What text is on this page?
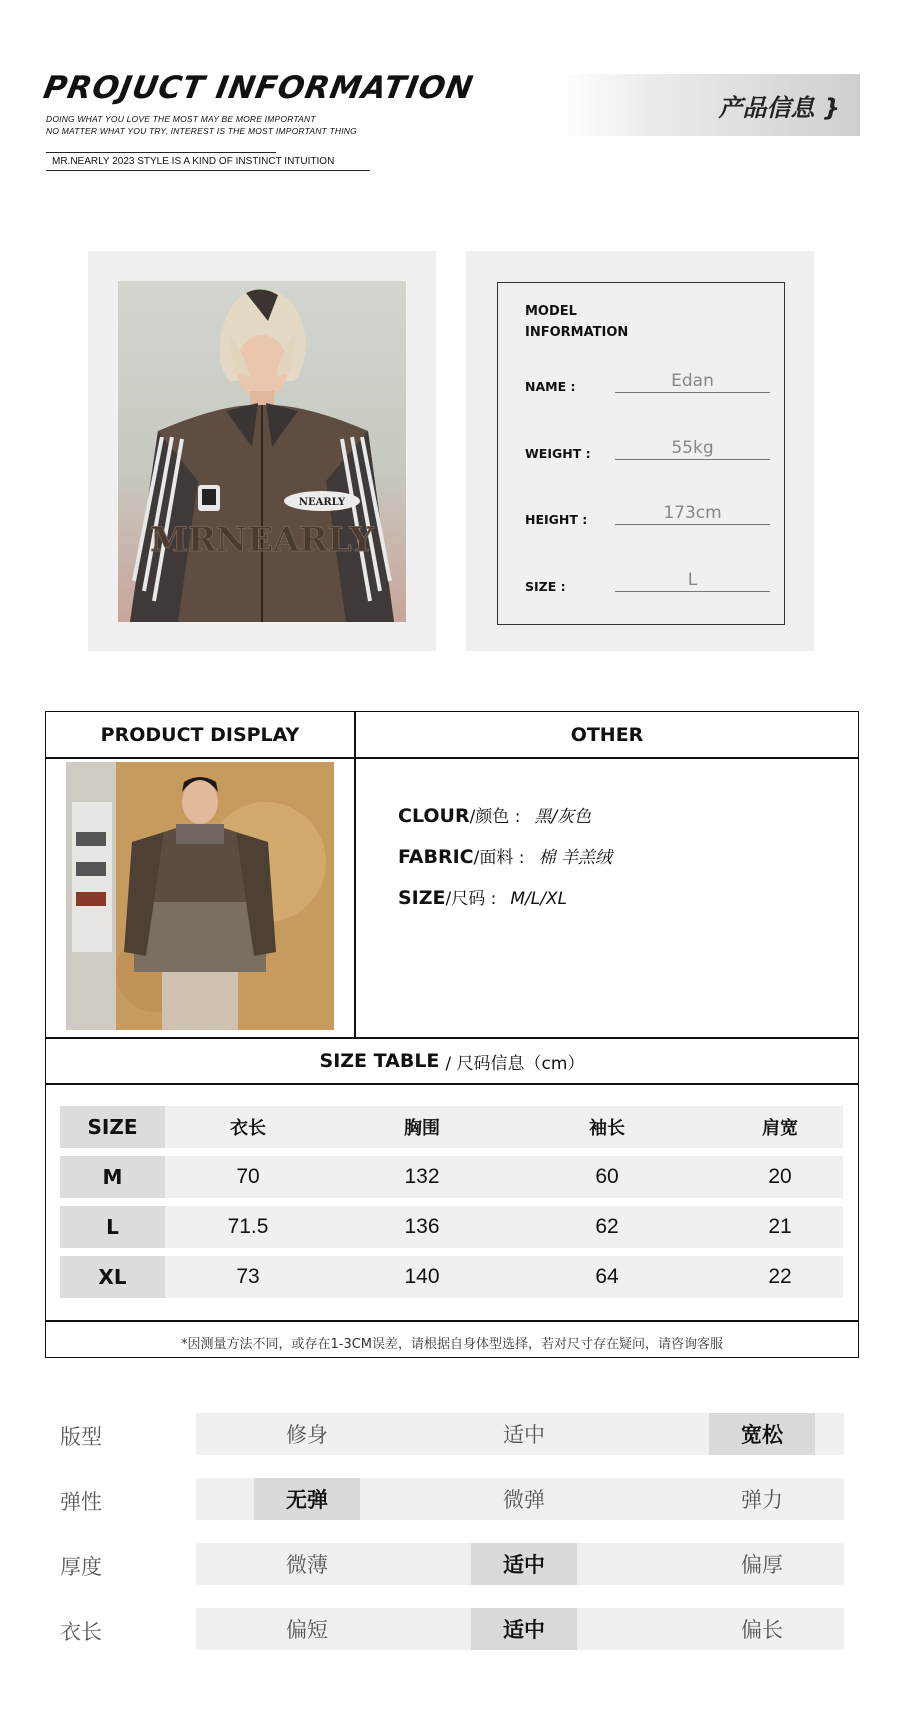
PROJUCT INFORMATION
DOING WHAT YOU LOVE THE MOST MAY BE MORE IMPORTANT
NO MATTER WHAT YOU TRY, INTEREST IS THE MOST IMPORTANT THING
MR.NEARLY 2023 STYLE IS A KIND OF INSTINCT INTUITION
产品信息 }
NEARLY
MRNEARLY
MODEL
INFORMATION
NAME :	Edan
WEIGHT :	55kg
HEIGHT :	173cm
SIZE :	L
PRODUCT DISPLAY	OTHER
CLOUR/颜色 : 黑/灰色
FABRIC/面料 : 棉 羊羔绒
SIZE/尺码 : M/L/XL
SIZE TABLE / 尺码信息（cm）
SIZE	衣长	胸围	袖长	肩宽
M	70	132	60	20
L	71.5	136	62	21
XL	73	140	64	22
*因测量方法不同，或存在1-3CM误差，请根据自身体型选择，若对尺寸存在疑问，请咨询客服
版型	修身	适中	宽松
弹性	无弹	微弹	弹力
厚度	微薄	适中	偏厚
衣长	偏短	适中	偏长
